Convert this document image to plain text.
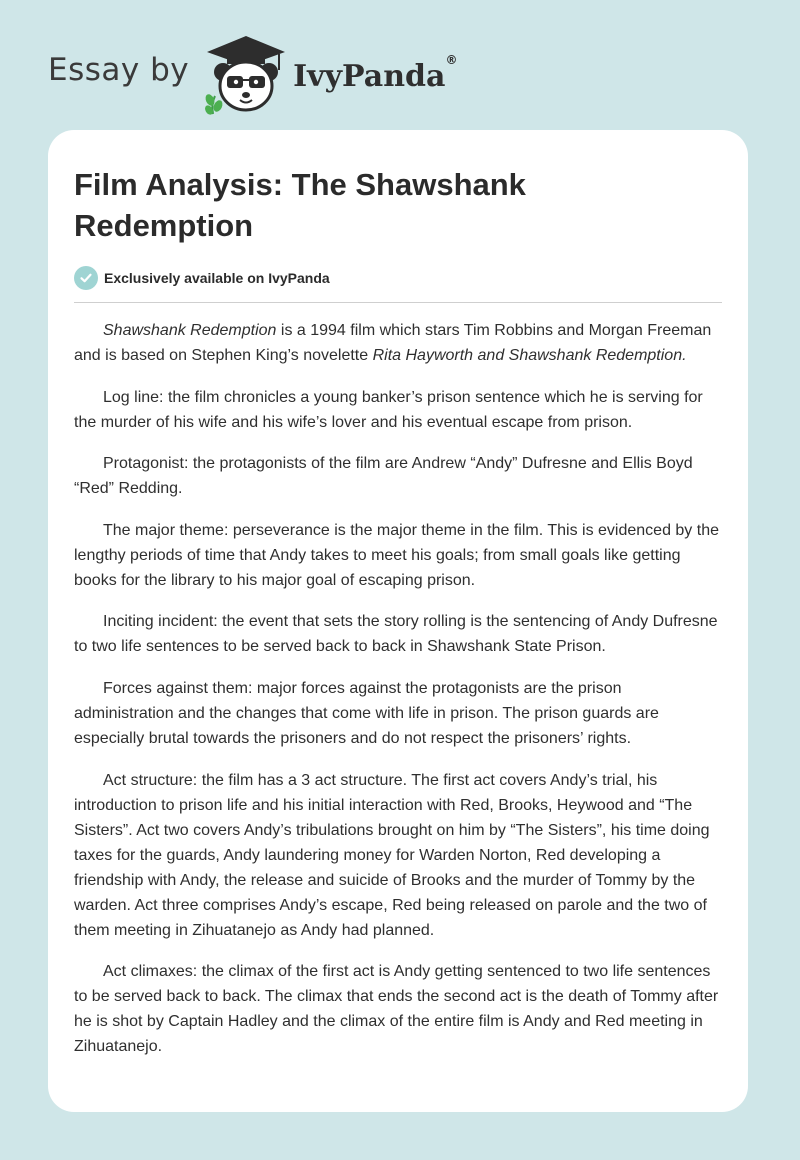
Essay by	IvyPanda®
Film Analysis: The Shawshank Redemption
Exclusively available on IvyPanda

Shawshank Redemption is a 1994 film which stars Tim Robbins and Morgan Freeman and is based on Stephen King’s novelette Rita Hayworth and Shawshank Redemption.

Log line: the film chronicles a young banker’s prison sentence which he is serving for the murder of his wife and his wife’s lover and his eventual escape from prison.

Protagonist: the protagonists of the film are Andrew “Andy” Dufresne and Ellis Boyd “Red” Redding.

The major theme: perseverance is the major theme in the film. This is evidenced by the lengthy periods of time that Andy takes to meet his goals; from small goals like getting books for the library to his major goal of escaping prison.

Inciting incident: the event that sets the story rolling is the sentencing of Andy Dufresne to two life sentences to be served back to back in Shawshank State Prison.

Forces against them: major forces against the protagonists are the prison administration and the changes that come with life in prison. The prison guards are especially brutal towards the prisoners and do not respect the prisoners’ rights.

Act structure: the film has a 3 act structure. The first act covers Andy’s trial, his introduction to prison life and his initial interaction with Red, Brooks, Heywood and “The Sisters”. Act two covers Andy’s tribulations brought on him by “The Sisters”, his time doing taxes for the guards, Andy laundering money for Warden Norton, Red developing a friendship with Andy, the release and suicide of Brooks and the murder of Tommy by the warden. Act three comprises Andy’s escape, Red being released on parole and the two of them meeting in Zihuatanejo as Andy had planned.

Act climaxes: the climax of the first act is Andy getting sentenced to two life sentences to be served back to back. The climax that ends the second act is the death of Tommy after he is shot by Captain Hadley and the climax of the entire film is Andy and Red meeting in Zihuatanejo.
